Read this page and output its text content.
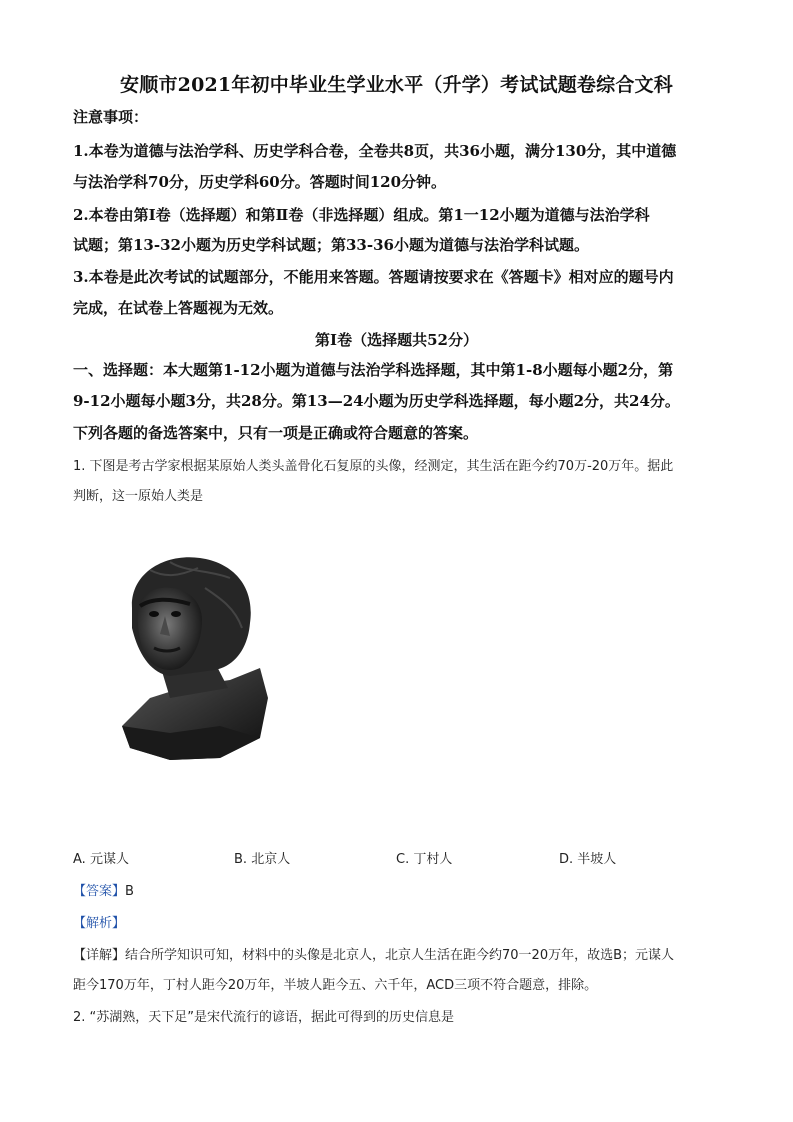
安顺市2021年初中毕业生学业水平（升学）考试试题卷综合文科
注意事项：
1.本卷为道德与法治学科、历史学科合卷，全卷共8页，共36小题，满分130分，其中道德
与法治学科70分，历史学科60分。答题时间120分钟。
2.本卷由第Ⅰ卷（选择题）和第Ⅱ卷（非选择题）组成。第1一12小题为道德与法治学科
试题；第13-32小题为历史学科试题；第33-36小题为道德与法治学科试题。
3.本卷是此次考试的试题部分，不能用来答题。答题请按要求在《答题卡》相对应的题号内
完成，在试卷上答题视为无效。
第Ⅰ卷（选择题共52分）
一、选择题：本大题第1-12小题为道德与法治学科选择题，其中第1-8小题每小题2分，第
9-12小题每小题3分，共28分。第13—24小题为历史学科选择题，每小题2分，共24分。
下列各题的备选答案中，只有一项是正确或符合题意的答案。
1. 下图是考古学家根据某原始人类头盖骨化石复原的头像，经测定，其生活在距今约70万-20万年。据此
判断，这一原始人类是
A. 元谋人	B. 北京人	C. 丁村人	D. 半坡人
【答案】B
【解析】
【详解】结合所学知识可知，材料中的头像是北京人，北京人生活在距今约70一20万年，故选B；元谋人
距今170万年，丁村人距今20万年，半坡人距今五、六千年，ACD三项不符合题意，排除。
2. “苏湖熟，天下足”是宋代流行的谚语，据此可得到的历史信息是
